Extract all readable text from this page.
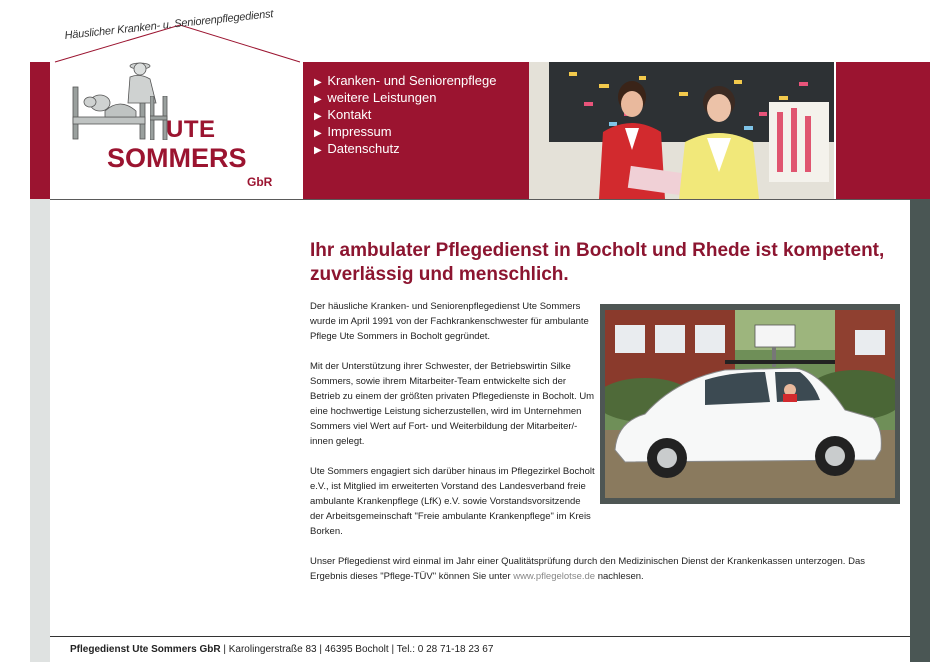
Häuslicher Kranken- u. Seniorenpflegedienst
UTE
SOMMERS
GbR
▶ Kranken- und Seniorenpflege
▶ weitere Leistungen
▶ Kontakt
▶ Impressum
▶ Datenschutz
Ihr ambulater Pflegedienst in Bocholt und Rhede ist kompetent, zuverlässig und menschlich.

Der häusliche Kranken- und Seniorenpflegedienst Ute Sommers wurde im April 1991 von der Fachkrankenschwester für ambulante Pflege Ute Sommers in Bocholt gegründet.

Mit der Unterstützung ihrer Schwester, der Betriebswirtin Silke Sommers, sowie ihrem Mitarbeiter-Team entwickelte sich der Betrieb zu einem der größten privaten Pflegedienste in Bocholt. Um eine hochwertige Leistung sicherzustellen, wird im Unternehmen Sommers viel Wert auf Fort- und Weiterbildung der Mitarbeiter/-innen gelegt.

Ute Sommers engagiert sich darüber hinaus im Pflegezirkel Bocholt e.V., ist Mitglied im erweiterten Vorstand des Landesverband freie ambulante Krankenpflege (LfK) e.V. sowie Vorstandsvorsitzende der Arbeitsgemeinschaft "Freie ambulante Krankenpflege" im Kreis Borken.

Unser Pflegedienst wird einmal im Jahr einer Qualitätsprüfung durch den Medizinischen Dienst der Krankenkassen unterzogen. Das Ergebnis dieses "Pflege-TÜV" können Sie unter www.pflegelotse.de nachlesen.

Pflegedienst Ute Sommers GbR | Karolingerstraße 83 | 46395 Bocholt | Tel.: 0 28 71-18 23 67
